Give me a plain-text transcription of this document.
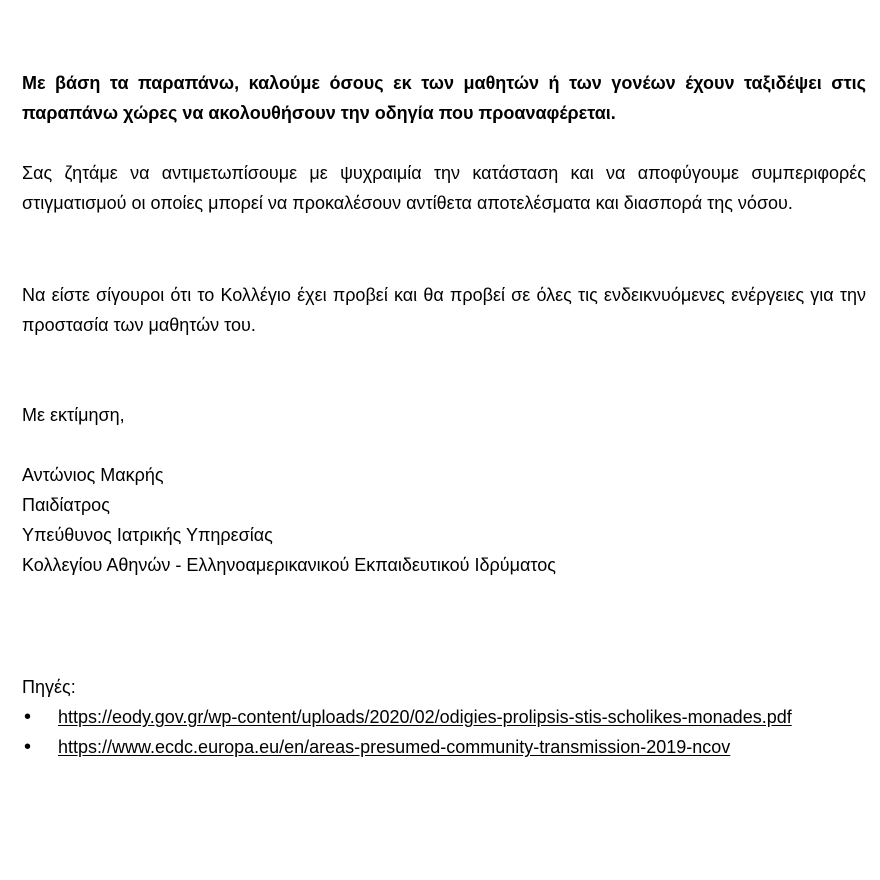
Με βάση τα παραπάνω, καλούμε όσους εκ των μαθητών ή των γονέων έχουν ταξιδέψει στις παραπάνω χώρες να ακολουθήσουν την οδηγία που προαναφέρεται.

Σας ζητάμε να αντιμετωπίσουμε με ψυχραιμία την κατάσταση και να αποφύγουμε συμπεριφορές στιγματισμού οι οποίες μπορεί να προκαλέσουν αντίθετα αποτελέσματα και διασπορά της νόσου.

Να είστε σίγουροι ότι το Κολλέγιο έχει προβεί και θα προβεί σε όλες τις ενδεικνυόμενες ενέργειες για την προστασία των μαθητών του.

Με εκτίμηση,
Αντώνιος Μακρής
Παιδίατρος
Υπεύθυνος Ιατρικής Υπηρεσίας
Κολλεγίου Αθηνών - Ελληνοαμερικανικού Εκπαιδευτικού Ιδρύματος
Πηγές:
•	https://eody.gov.gr/wp-content/uploads/2020/02/odigies-prolipsis-stis-scholikes-monades.pdf
•	https://www.ecdc.europa.eu/en/areas-presumed-community-transmission-2019-ncov
